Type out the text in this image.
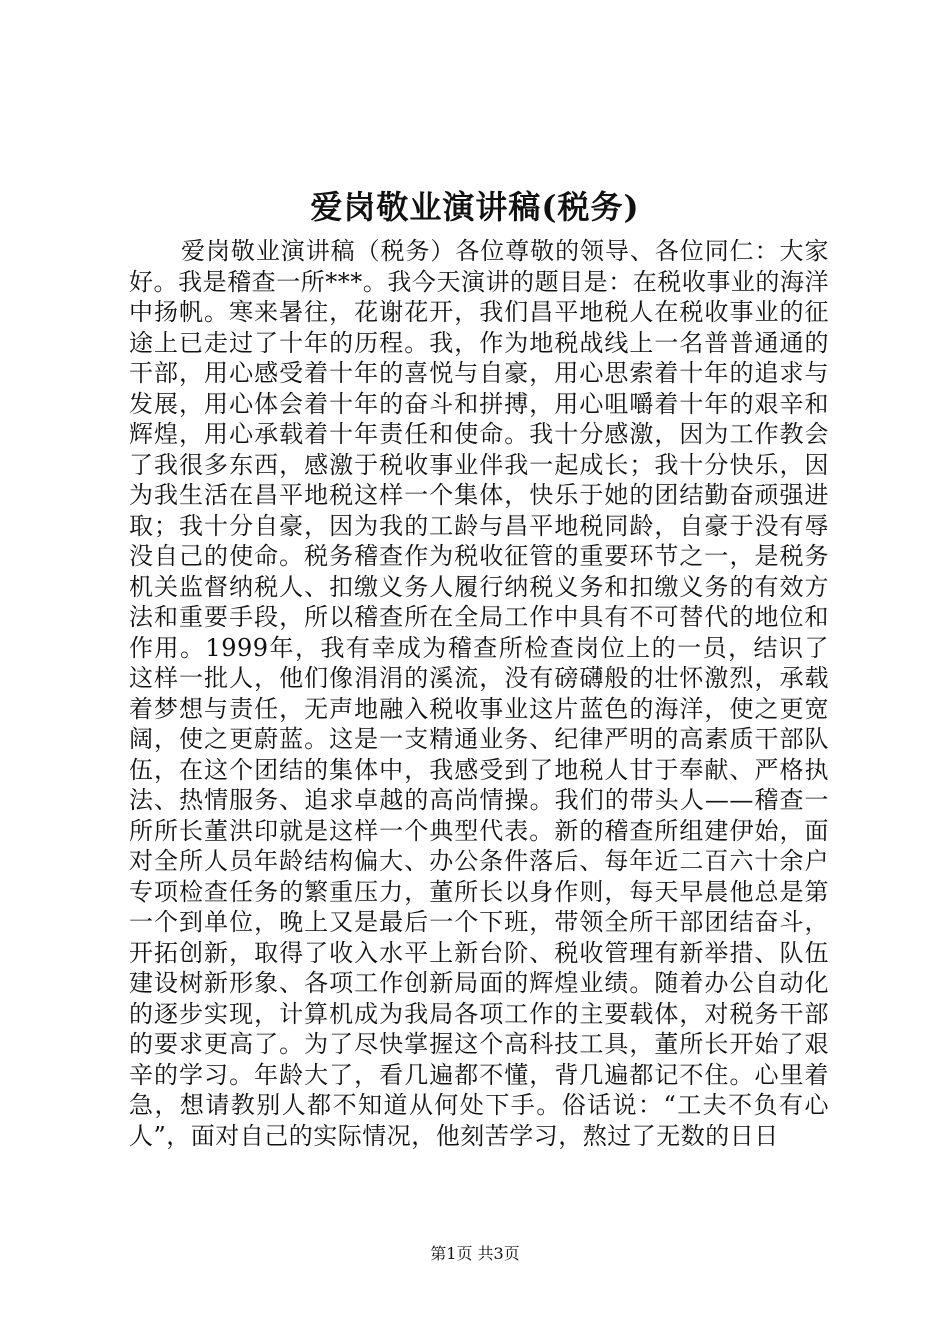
爱岗敬业演讲稿(税务)

爱岗敬业演讲稿（税务）各位尊敬的领导、各位同仁：大家好。我是稽查一所***。我今天演讲的题目是：在税收事业的海洋中扬帆。寒来暑往，花谢花开，我们昌平地税人在税收事业的征途上已走过了十年的历程。我，作为地税战线上一名普普通通的干部，用心感受着十年的喜悦与自豪，用心思索着十年的追求与发展，用心体会着十年的奋斗和拼搏，用心咀嚼着十年的艰辛和辉煌，用心承载着十年责任和使命。我十分感激，因为工作教会了我很多东西，感激于税收事业伴我一起成长；我十分快乐，因为我生活在昌平地税这样一个集体，快乐于她的团结勤奋顽强进取；我十分自豪，因为我的工龄与昌平地税同龄，自豪于没有辱没自己的使命。税务稽查作为税收征管的重要环节之一，是税务机关监督纳税人、扣缴义务人履行纳税义务和扣缴义务的有效方法和重要手段，所以稽查所在全局工作中具有不可替代的地位和作用。1999年，我有幸成为稽查所检查岗位上的一员，结识了这样一批人，他们像涓涓的溪流，没有磅礴般的壮怀激烈，承载着梦想与责任，无声地融入税收事业这片蓝色的海洋，使之更宽阔，使之更蔚蓝。这是一支精通业务、纪律严明的高素质干部队伍，在这个团结的集体中，我感受到了地税人甘于奉献、严格执法、热情服务、追求卓越的高尚情操。我们的带头人——稽查一所所长董洪印就是这样一个典型代表。新的稽查所组建伊始，面对全所人员年龄结构偏大、办公条件落后、每年近二百六十余户专项检查任务的繁重压力，董所长以身作则，每天早晨他总是第一个到单位，晚上又是最后一个下班，带领全所干部团结奋斗，开拓创新，取得了收入水平上新台阶、税收管理有新举措、队伍建设树新形象、各项工作创新局面的辉煌业绩。随着办公自动化的逐步实现，计算机成为我局各项工作的主要载体，对税务干部的要求更高了。为了尽快掌握这个高科技工具，董所长开始了艰辛的学习。年龄大了，看几遍都不懂，背几遍都记不住。心里着急，想请教别人都不知道从何处下手。俗话说：“工夫不负有心人”，面对自己的实际情况，他刻苦学习，熬过了无数的日日

第1页 共3页
